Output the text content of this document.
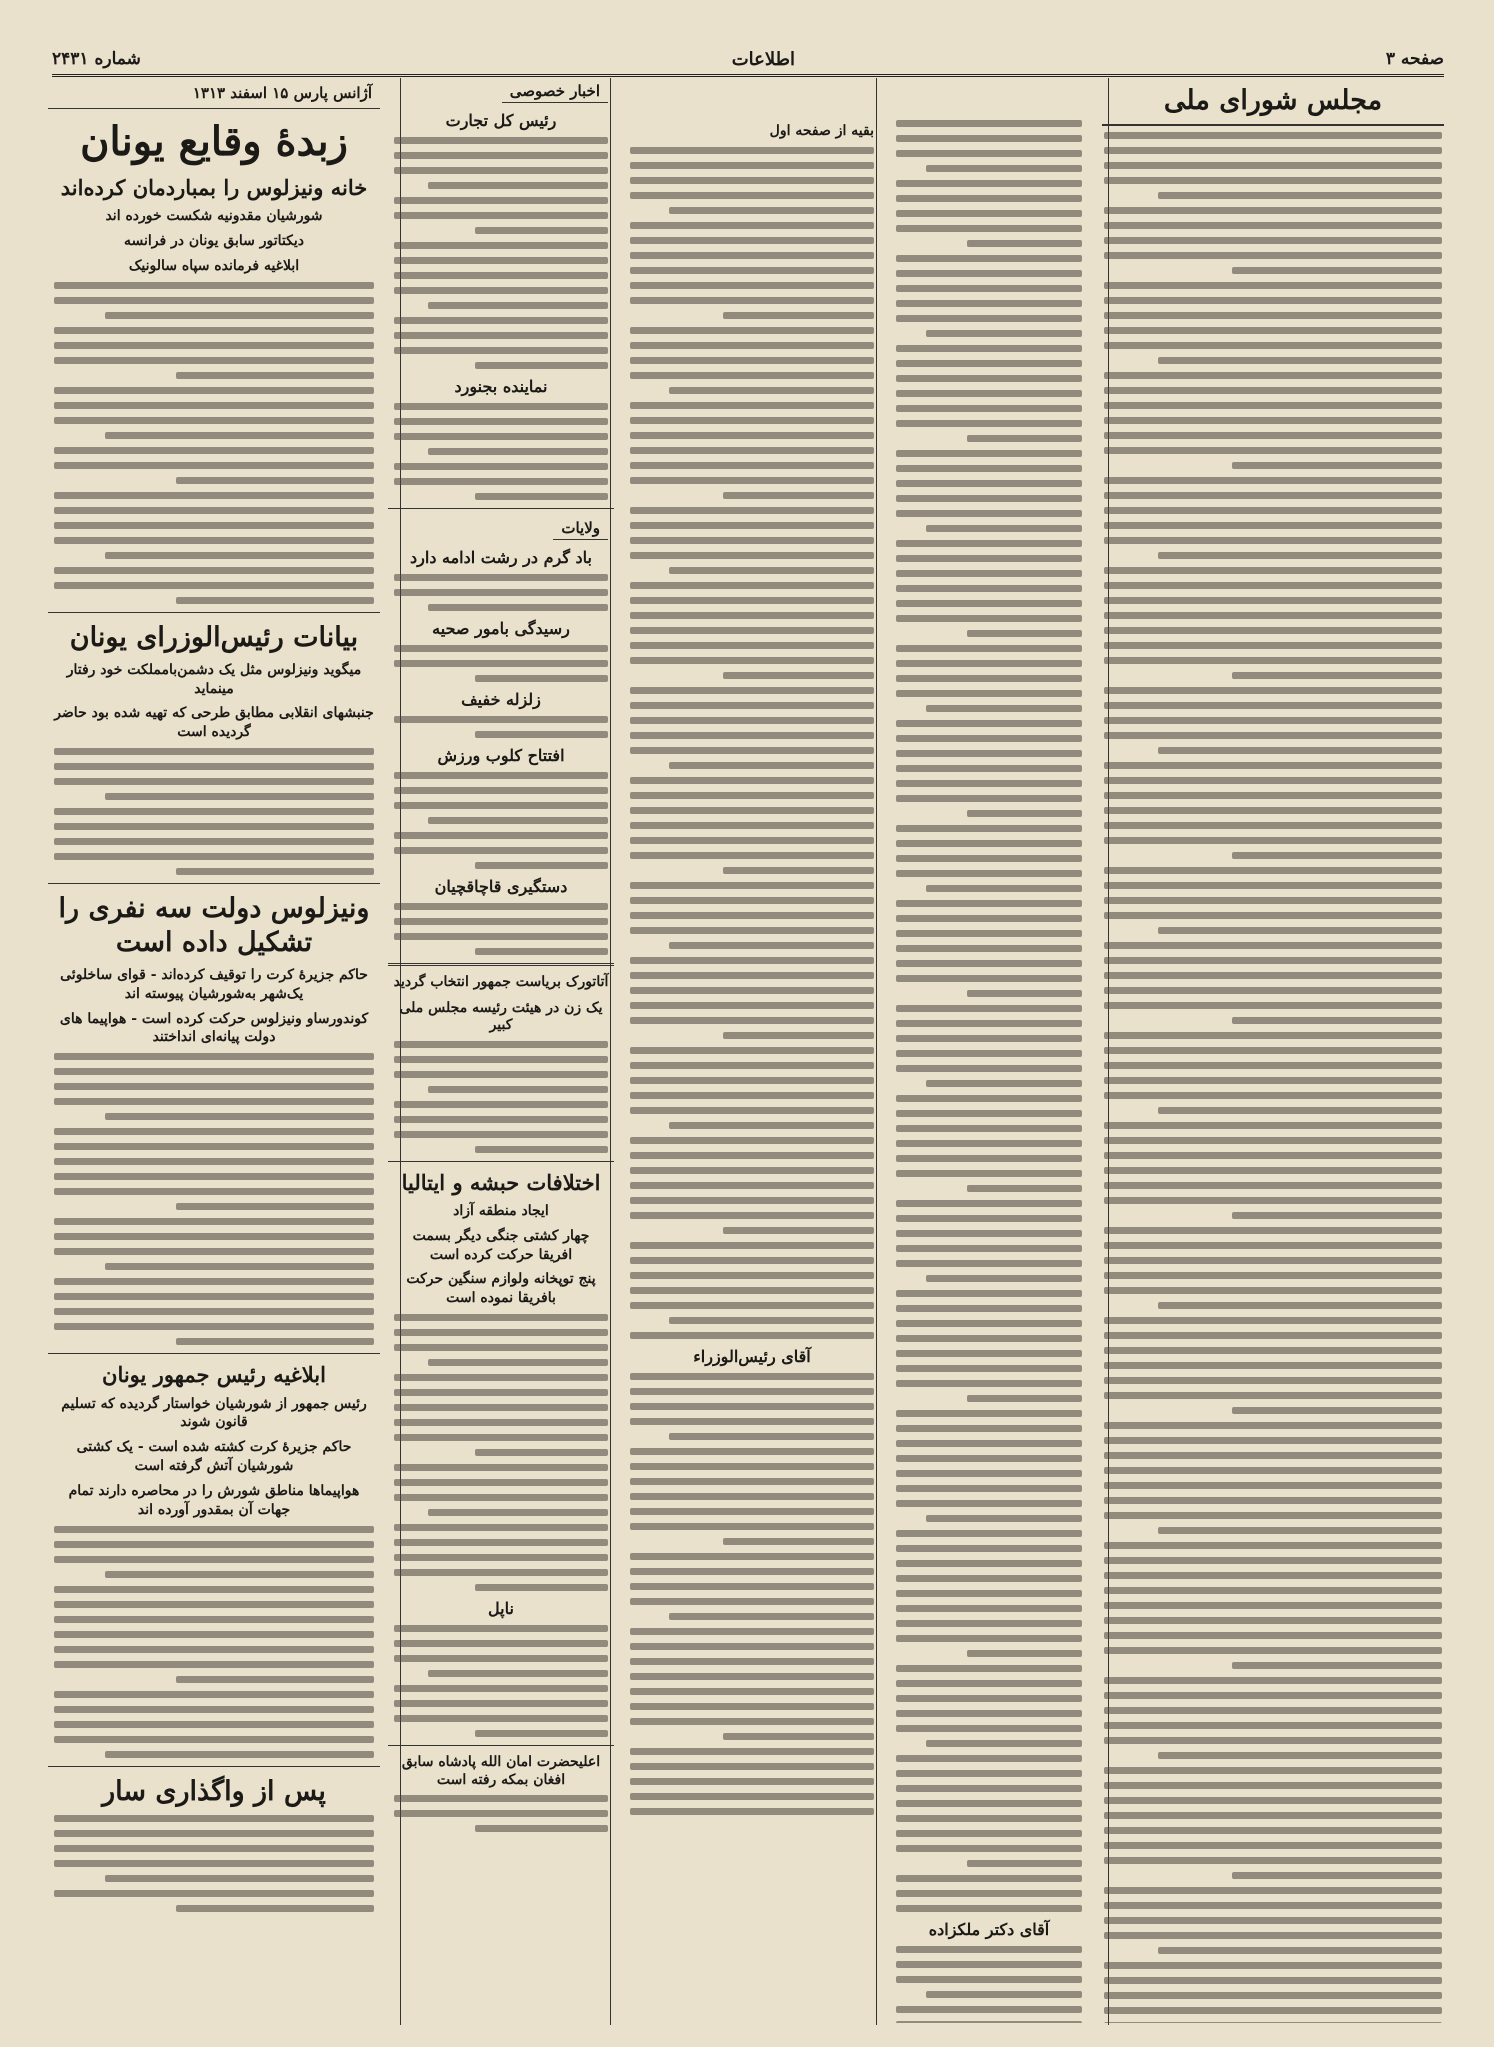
صفحه ۳
اطلاعات
شماره ۲۴۳۱
آژانس پارس ۱۵ اسفند ۱۳۱۳
زبدهٔ وقایع یونان
خانه ونیزلوس را بمباردمان کرده‌اند
شورشیان مقدونیه شکست خورده اند
دیکتاتور سابق یونان در فرانسه
ابلاغیه فرمانده سپاه سالونیک
بیانات رئیس‌الوزرای یونان
میگوید ونیزلوس مثل یک دشمن‌بامملکت خود رفتار مینماید
جنبشهای انقلابی مطابق طرحی که تهیه شده بود حاضر گردیده است
ونیزلوس دولت سه نفری را تشکیل داده است
حاکم جزیرهٔ کرت را توقیف کرده‌اند - قوای ساخلوئی یک‌شهر به‌شورشیان پیوسته اند
کوندورساو ونیزلوس حرکت کرده است - هواپیما های دولت پیانه‌ای انداختند
ابلاغیه رئیس جمهور یونان
رئیس جمهور از شورشیان خواستار گردیده که تسلیم قانون شوند
حاکم جزیرهٔ کرت کشته شده است - یک کشتی شورشیان آتش گرفته است
هواپیماها مناطق شورش را در محاصره دارند تمام جهات آن بمقدور آورده اند
پس از واگذاری سار
اخبار خصوصی
رئیس کل تجارت
نماینده بجنورد
ولایات
باد گرم در رشت ادامه دارد
رسیدگی بامور صحیه
زلزله خفیف
افتتاح کلوب ورزش
دستگیری قاچاقچیان
آتاتورک بریاست جمهور انتخاب گردید
یک زن در هیئت رئیسه مجلس ملی کبیر
اختلافات حبشه و ایتالیا
ایجاد منطقه آزاد
چهار کشتی جنگی دیگر بسمت افریقا حرکت کرده است
پنج توپخانه ولوازم سنگین حرکت بافریقا نموده است
ناپل
اعلیحضرت امان الله پادشاه سابق افغان بمکه رفته است
بقیه از صفحه اول
آقای رئیس‌الوزراء
آقای دکتر ملکزاده
مجلس شورای ملی
